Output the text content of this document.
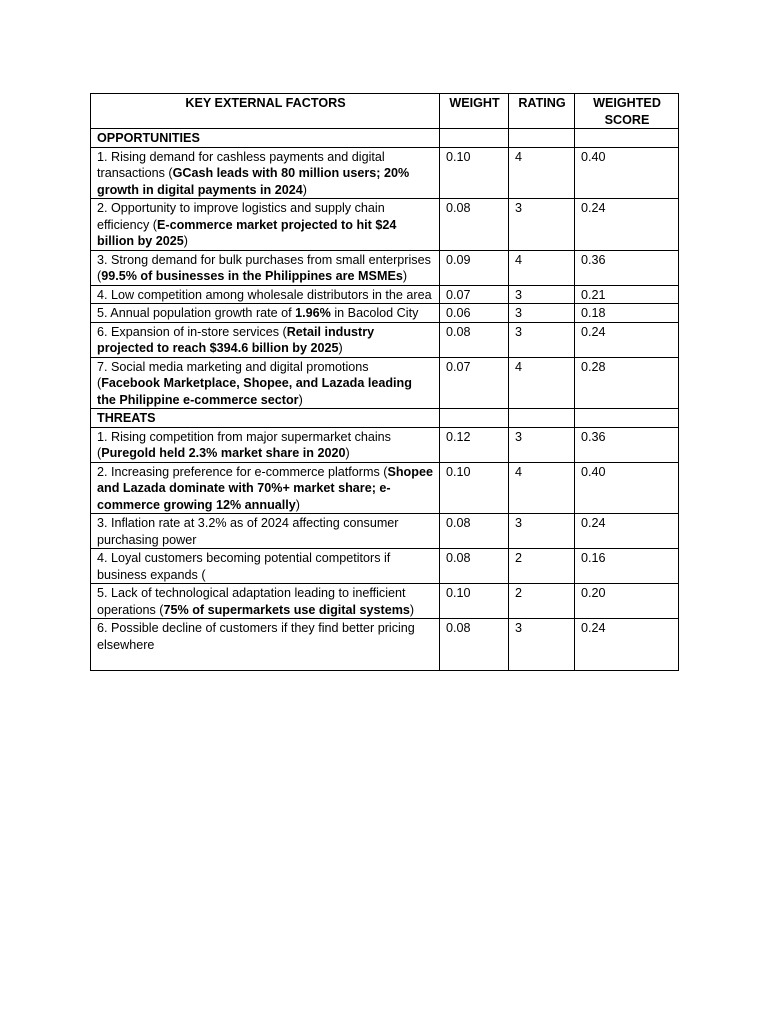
KEY EXTERNAL FACTORS	WEIGHT	RATING	WEIGHTED SCORE
OPPORTUNITIES			
1. Rising demand for cashless payments and digital transactions (GCash leads with 80 million users; 20% growth in digital payments in 2024)	0.10	4	0.40
2. Opportunity to improve logistics and supply chain efficiency (E-commerce market projected to hit $24 billion by 2025)	0.08	3	0.24
3. Strong demand for bulk purchases from small enterprises (99.5% of businesses in the Philippines are MSMEs)	0.09	4	0.36
4. Low competition among wholesale distributors in the area	0.07	3	0.21
5. Annual population growth rate of 1.96% in Bacolod City	0.06	3	0.18
6. Expansion of in-store services (Retail industry projected to reach $394.6 billion by 2025)	0.08	3	0.24
7. Social media marketing and digital promotions (Facebook Marketplace, Shopee, and Lazada leading the Philippine e-commerce sector)	0.07	4	0.28
THREATS			
1. Rising competition from major supermarket chains (Puregold held 2.3% market share in 2020)	0.12	3	0.36
2. Increasing preference for e-commerce platforms (Shopee and Lazada dominate with 70%+ market share; e-commerce growing 12% annually)	0.10	4	0.40
3. Inflation rate at 3.2% as of 2024 affecting consumer purchasing power	0.08	3	0.24
4. Loyal customers becoming potential competitors if business expands (	0.08	2	0.16
5. Lack of technological adaptation leading to inefficient operations (75% of supermarkets use digital systems)	0.10	2	0.20
6. Possible decline of customers if they find better pricing elsewhere	0.08	3	0.24
